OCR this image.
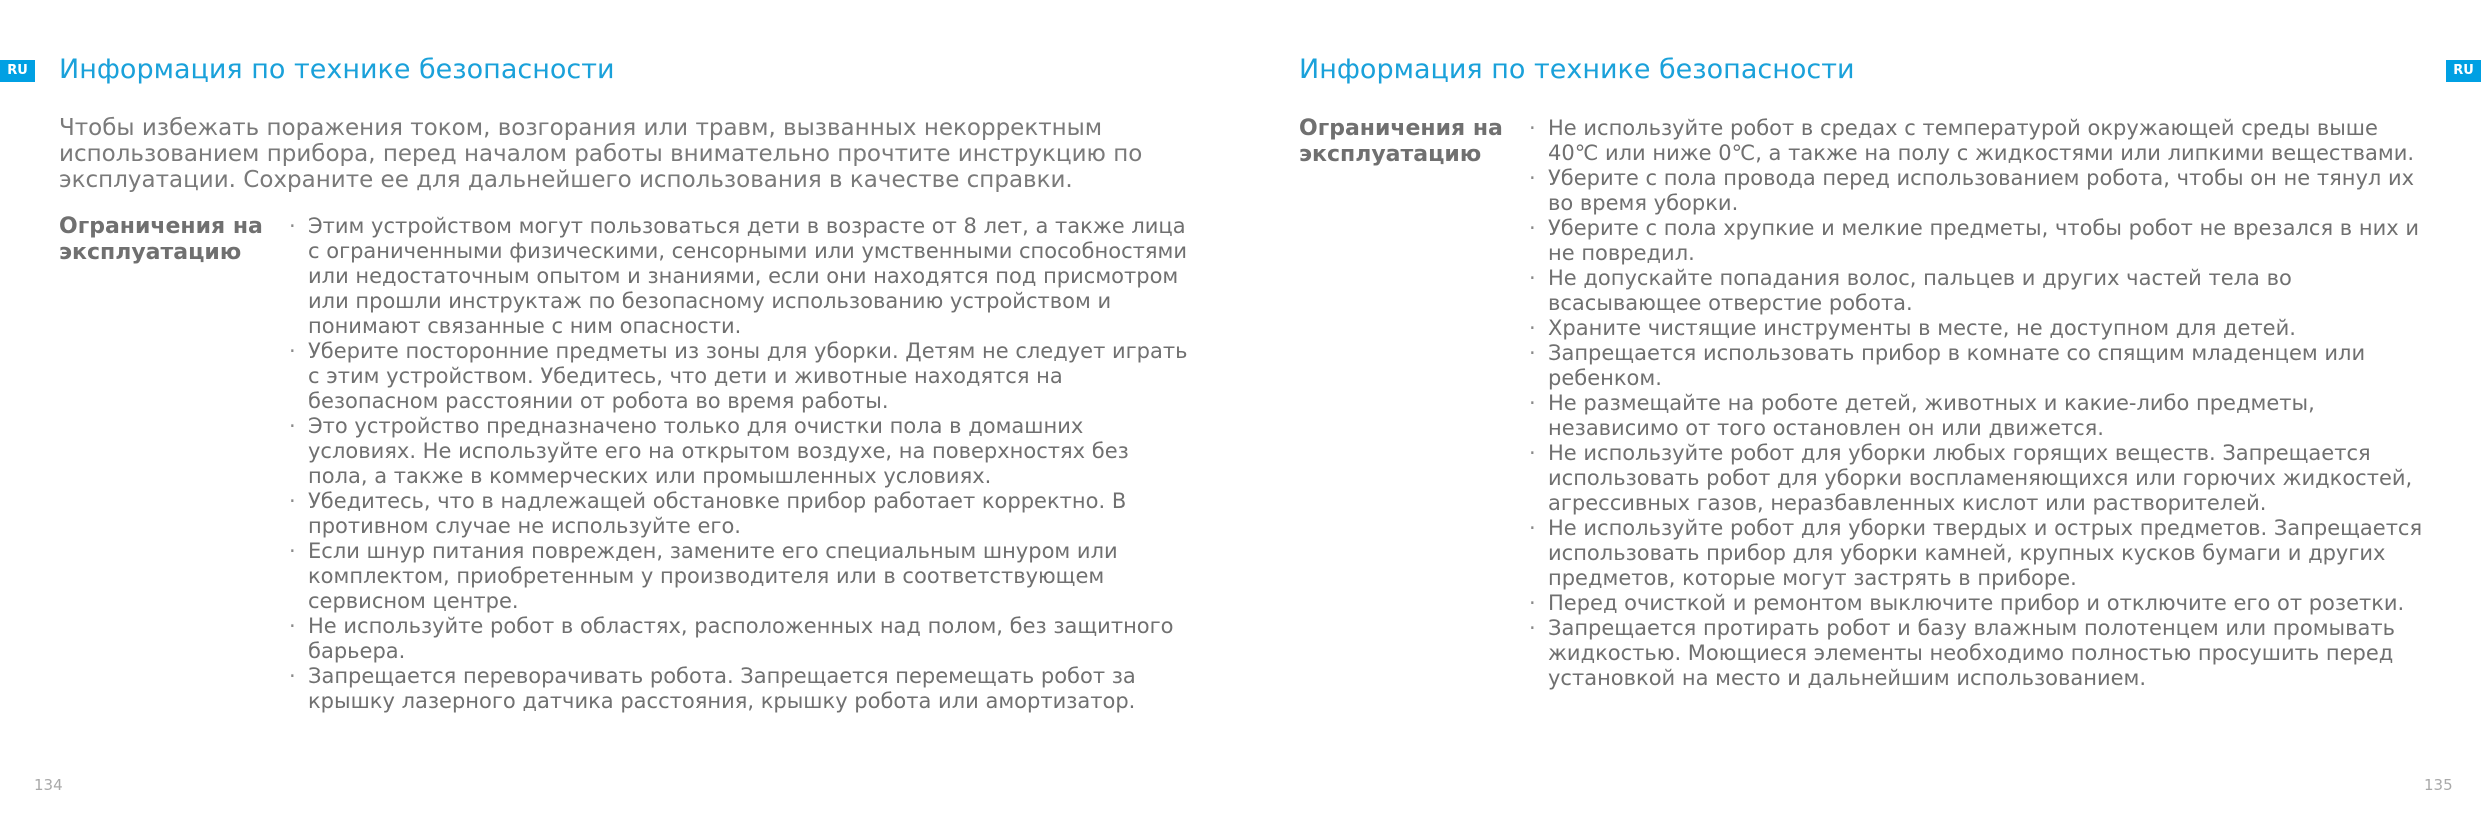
RU Информация по технике безопасности

Чтобы избежать поражения током, возгорания или травм, вызванных некорректным использованием прибора, перед началом работы внимательно прочтите инструкцию по эксплуатации. Сохраните ее для дальнейшего использования в качестве справки.

Ограничения на эксплуатацию

· Этим устройством могут пользоваться дети в возрасте от 8 лет, а также лица с ограниченными физическими, сенсорными или умственными способностями или недостаточным опытом и знаниями, если они находятся под присмотром или прошли инструктаж по безопасному использованию устройством и понимают связанные с ним опасности.
· Уберите посторонние предметы из зоны для уборки. Детям не следует играть с этим устройством. Убедитесь, что дети и животные находятся на безопасном расстоянии от робота во время работы.
· Это устройство предназначено только для очистки пола в домашних условиях. Не используйте его на открытом воздухе, на поверхностях без пола, а также в коммерческих или промышленных условиях.
· Убедитесь, что в надлежащей обстановке прибор работает корректно. В противном случае не используйте его.
· Если шнур питания поврежден, замените его специальным шнуром или комплектом, приобретенным у производителя или в соответствующем сервисном центре.
· Не используйте робот в областях, расположенных над полом, без защитного барьера.
· Запрещается переворачивать робота. Запрещается перемещать робот за крышку лазерного датчика расстояния, крышку робота или амортизатор.
134
RU
Информация по технике безопасности

Ограничения на эксплуатацию

· Не используйте робот в средах с температурой окружающей среды выше 40℃ или ниже 0℃, а также на полу с жидкостями или липкими веществами.
· Уберите с пола провода перед использованием робота, чтобы он не тянул их во время уборки.
· Уберите с пола хрупкие и мелкие предметы, чтобы робот не врезался в них и не повредил.
· Не допускайте попадания волос, пальцев и других частей тела во всасывающее отверстие робота.
· Храните чистящие инструменты в месте, не доступном для детей.
· Запрещается использовать прибор в комнате со спящим младенцем или ребенком.
· Не размещайте на роботе детей, животных и какие-либо предметы, независимо от того остановлен он или движется.
· Не используйте робот для уборки любых горящих веществ. Запрещается использовать робот для уборки воспламеняющихся или горючих жидкостей, агрессивных газов, неразбавленных кислот или растворителей.
· Не используйте робот для уборки твердых и острых предметов. Запрещается использовать прибор для уборки камней, крупных кусков бумаги и других предметов, которые могут застрять в приборе.
· Перед очисткой и ремонтом выключите прибор и отключите его от розетки.
· Запрещается протирать робот и базу влажным полотенцем или промывать жидкостью. Моющиеся элементы необходимо полностью просушить перед установкой на место и дальнейшим использованием.
135
